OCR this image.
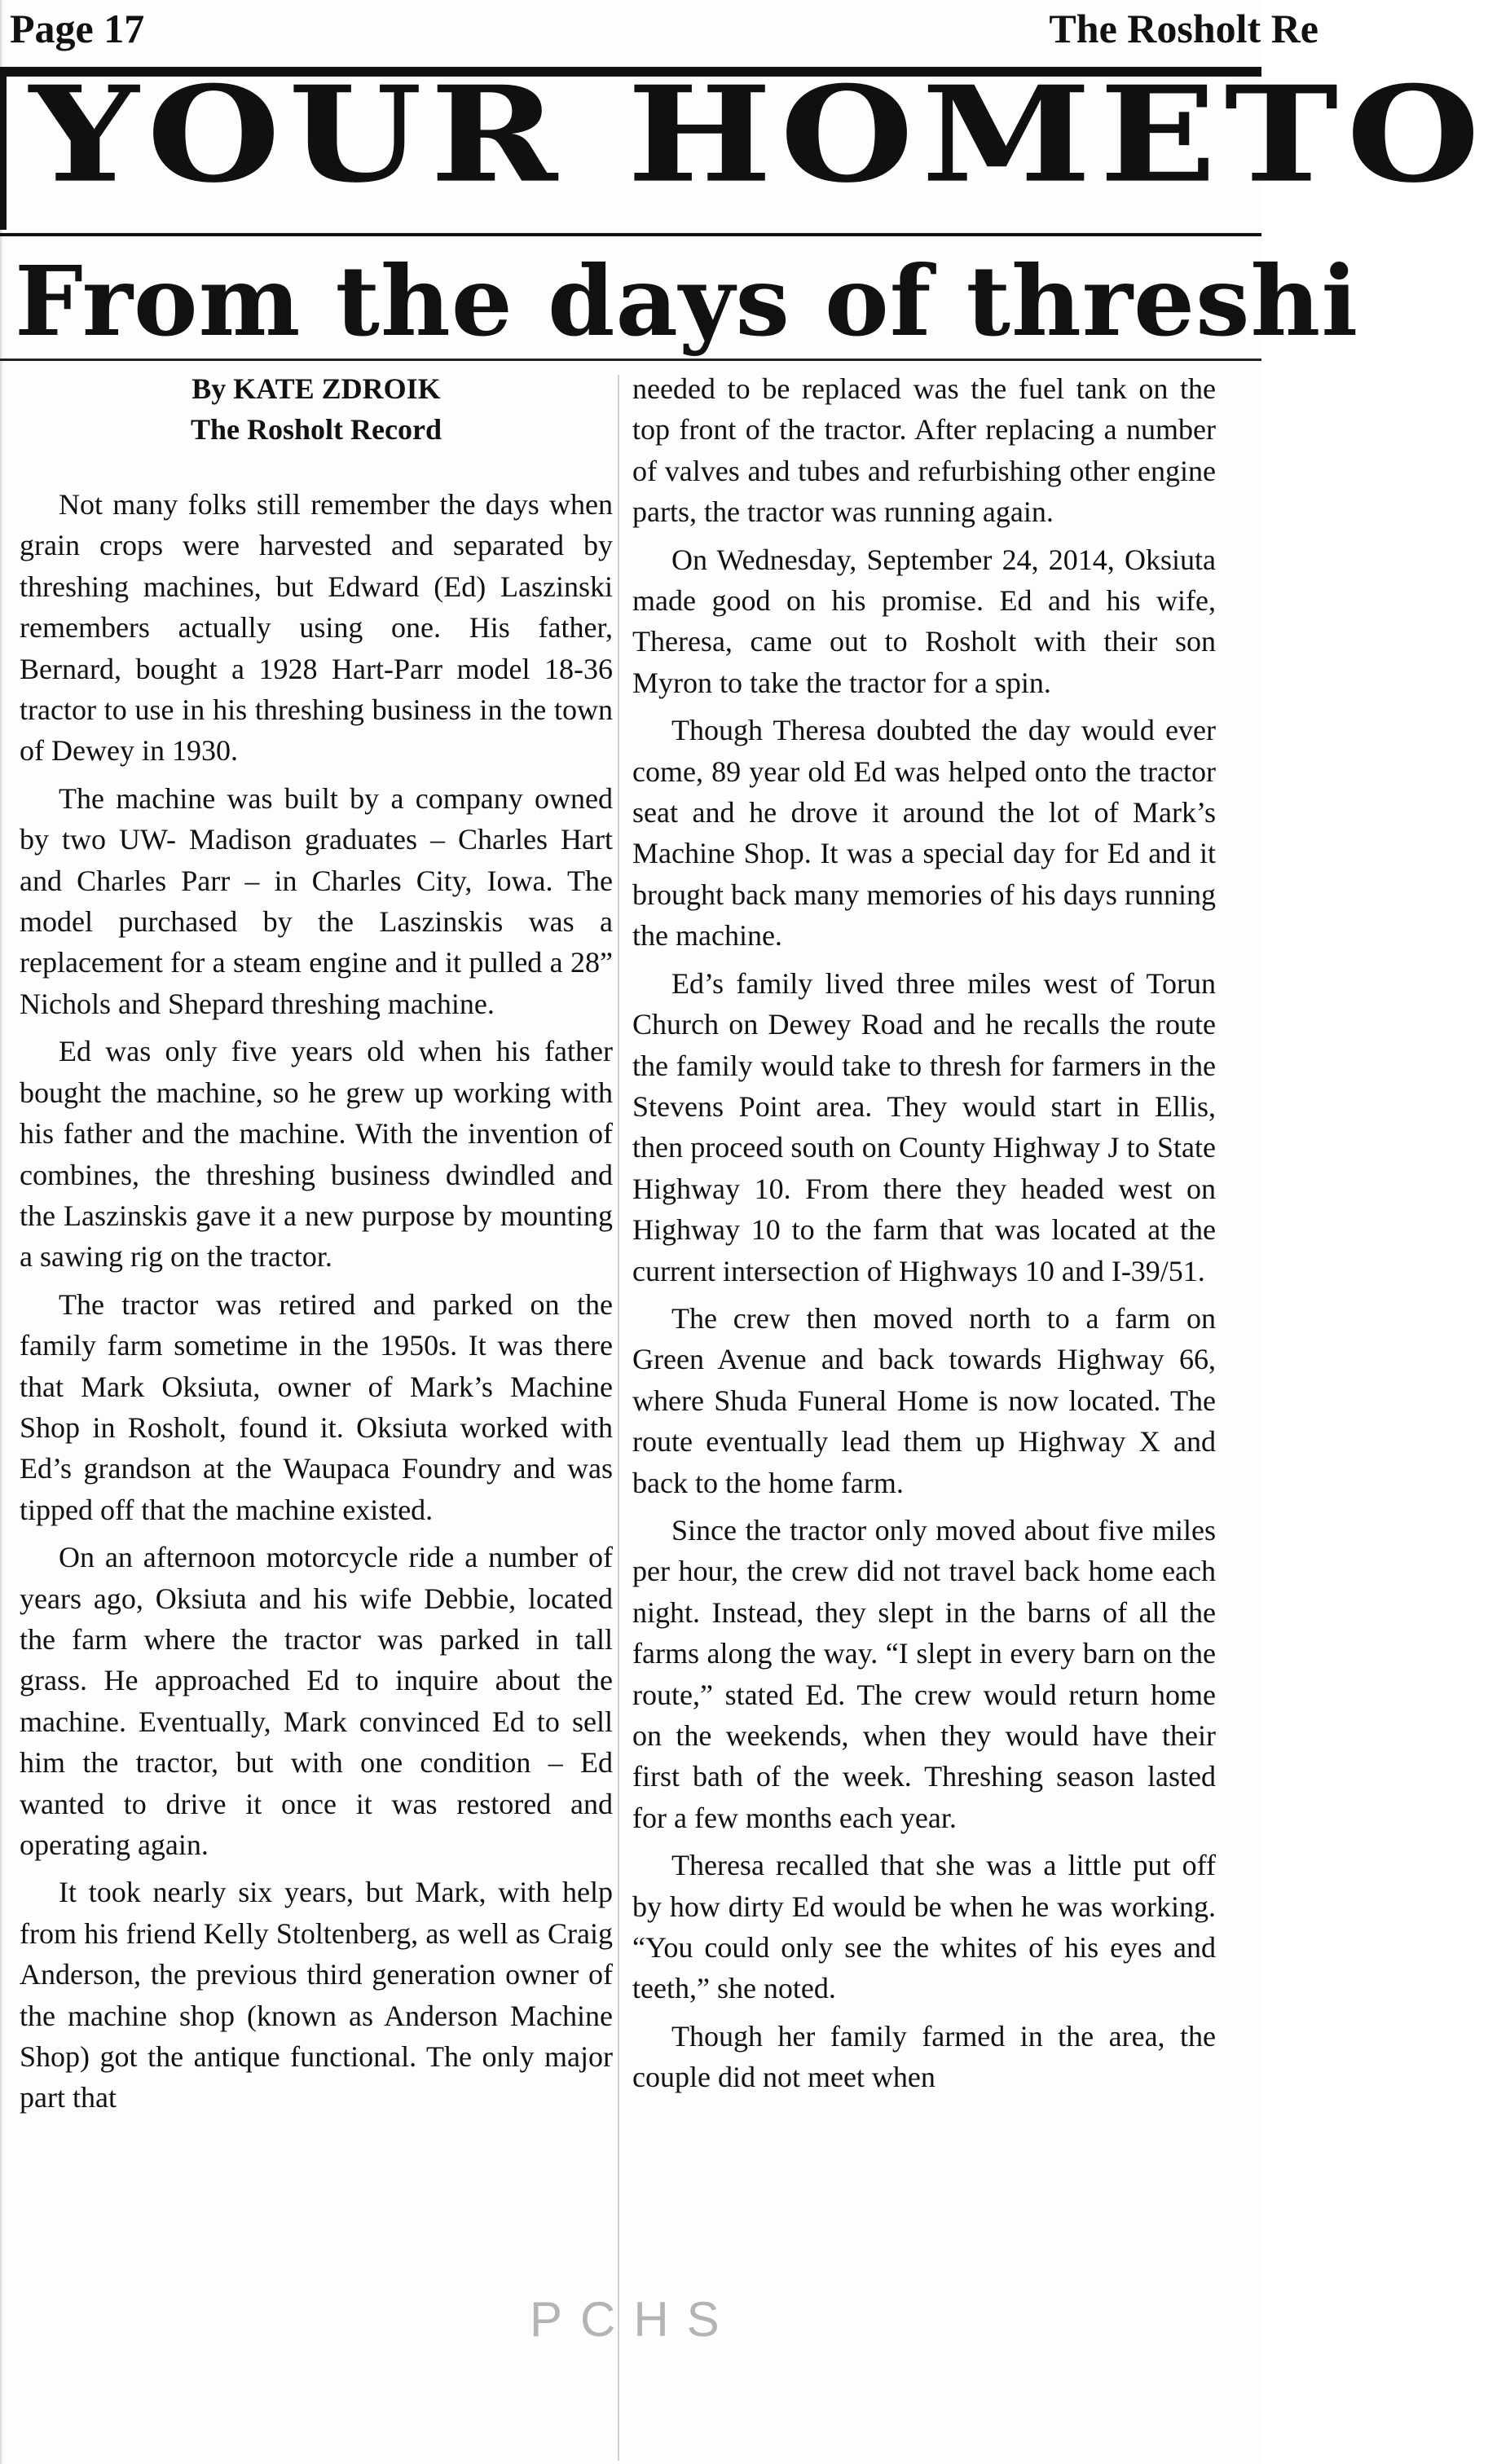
Page 17	The Rosholt Re
YOUR HOMETO
From the days of threshi
By KATE ZDROIK
The Rosholt Record

Not many folks still remember the days when grain crops were harvested and separated by threshing machines, but Edward (Ed) Laszinski remembers actually using one. His father, Bernard, bought a 1928 Hart-Parr model 18-36 tractor to use in his threshing business in the town of Dewey in 1930.

The machine was built by a company owned by two UW- Madison graduates – Charles Hart and Charles Parr – in Charles City, Iowa. The model purchased by the Laszinskis was a replacement for a steam engine and it pulled a 28” Nichols and Shepard threshing machine.

Ed was only five years old when his father bought the machine, so he grew up working with his father and the machine. With the invention of combines, the threshing business dwindled and the Laszinskis gave it a new purpose by mounting a sawing rig on the tractor.

The tractor was retired and parked on the family farm sometime in the 1950s. It was there that Mark Oksiuta, owner of Mark’s Machine Shop in Rosholt, found it. Oksiuta worked with Ed’s grandson at the Waupaca Foundry and was tipped off that the machine existed.

On an afternoon motorcycle ride a number of years ago, Oksiuta and his wife Debbie, located the farm where the tractor was parked in tall grass. He approached Ed to inquire about the machine. Eventually, Mark convinced Ed to sell him the tractor, but with one condition – Ed wanted to drive it once it was restored and operating again.

It took nearly six years, but Mark, with help from his friend Kelly Stoltenberg, as well as Craig Anderson, the previous third generation owner of the machine shop (known as Anderson Machine Shop) got the antique functional. The only major part that

needed to be replaced was the fuel tank on the top front of the tractor. After replacing a number of valves and tubes and refurbishing other engine parts, the tractor was running again.

On Wednesday, September 24, 2014, Oksiuta made good on his promise. Ed and his wife, Theresa, came out to Rosholt with their son Myron to take the tractor for a spin.

Though Theresa doubted the day would ever come, 89 year old Ed was helped onto the tractor seat and he drove it around the lot of Mark’s Machine Shop. It was a special day for Ed and it brought back many memories of his days running the machine.

Ed’s family lived three miles west of Torun Church on Dewey Road and he recalls the route the family would take to thresh for farmers in the Stevens Point area. They would start in Ellis, then proceed south on County Highway J to State Highway 10. From there they headed west on Highway 10 to the farm that was located at the current intersection of Highways 10 and I-39/51.

The crew then moved north to a farm on Green Avenue and back towards Highway 66, where Shuda Funeral Home is now located. The route eventually lead them up Highway X and back to the home farm.

Since the tractor only moved about five miles per hour, the crew did not travel back home each night. Instead, they slept in the barns of all the farms along the way. “I slept in every barn on the route,” stated Ed. The crew would return home on the weekends, when they would have their first bath of the week. Threshing season lasted for a few months each year.

Theresa recalled that she was a little put off by how dirty Ed would be when he was working. “You could only see the whites of his eyes and teeth,” she noted.

Though her family farmed in the area, the couple did not meet when

PCHS
